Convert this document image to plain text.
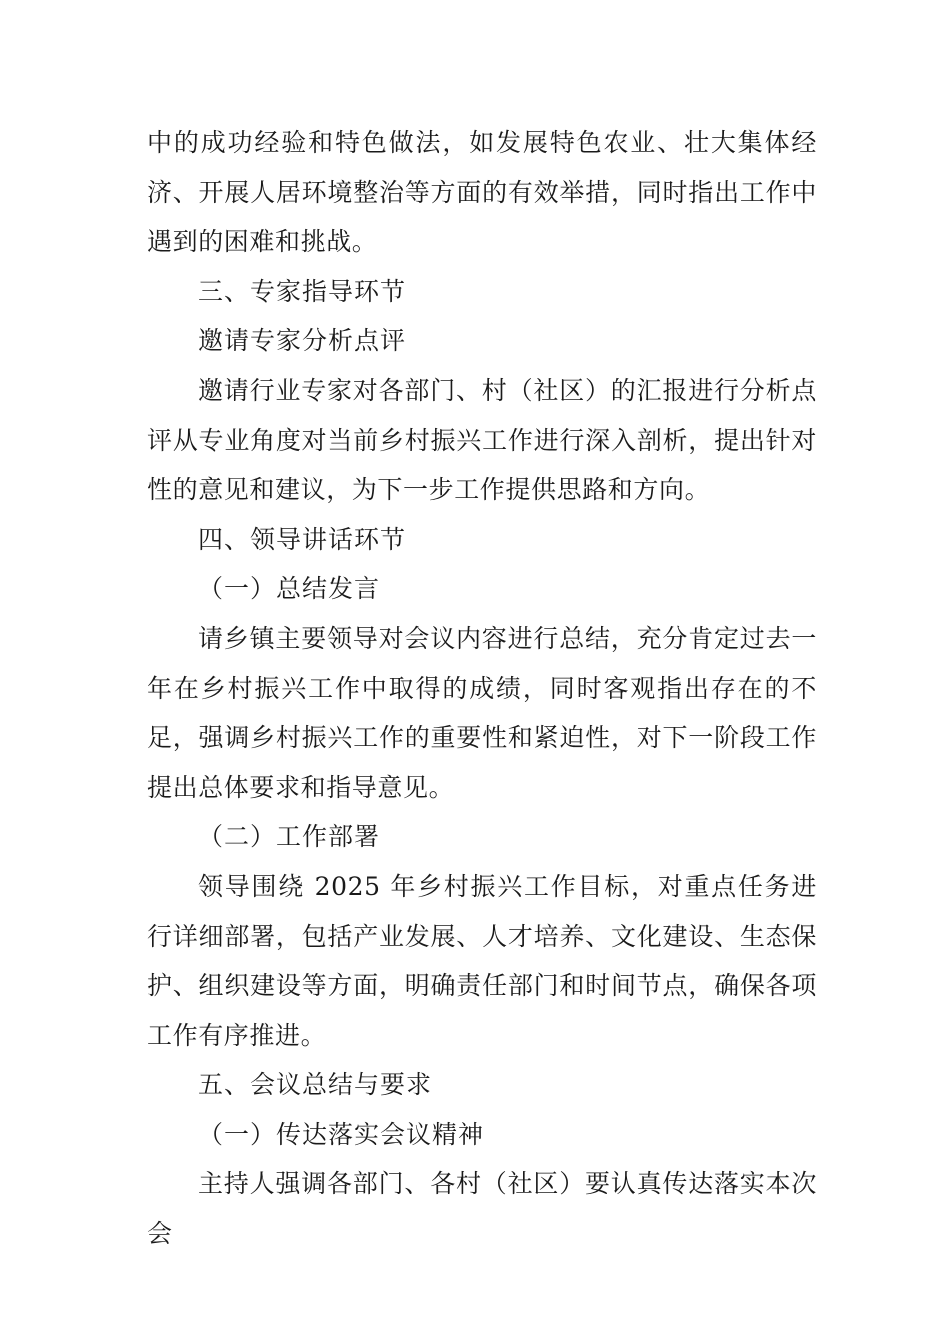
中的成功经验和特色做法，如发展特色农业、壮大集体经济、开展人居环境整治等方面的有效举措，同时指出工作中遇到的困难和挑战。

三、专家指导环节

邀请专家分析点评

邀请行业专家对各部门、村（社区）的汇报进行分析点评从专业角度对当前乡村振兴工作进行深入剖析，提出针对性的意见和建议，为下一步工作提供思路和方向。

四、领导讲话环节

（一）总结发言

请乡镇主要领导对会议内容进行总结，充分肯定过去一年在乡村振兴工作中取得的成绩，同时客观指出存在的不足，强调乡村振兴工作的重要性和紧迫性，对下一阶段工作提出总体要求和指导意见。

（二）工作部署

领导围绕 2025 年乡村振兴工作目标，对重点任务进行详细部署，包括产业发展、人才培养、文化建设、生态保护、组织建设等方面，明确责任部门和时间节点，确保各项工作有序推进。

五、会议总结与要求

（一）传达落实会议精神

主持人强调各部门、各村（社区）要认真传达落实本次会
